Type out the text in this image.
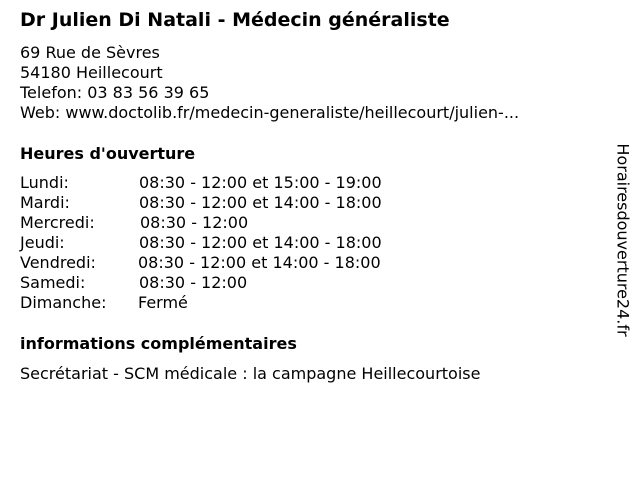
Dr Julien Di Natali - Médecin généraliste
69 Rue de Sèvres
54180 Heillecourt
Telefon: 03 83 56 39 65
Web: www.doctolib.fr/medecin-generaliste/heillecourt/julien-...
Heures d'ouverture
Lundi:	08:30 - 12:00 et 15:00 - 19:00
Mardi:	08:30 - 12:00 et 14:00 - 18:00
Mercredi:	08:30 - 12:00
Jeudi:	08:30 - 12:00 et 14:00 - 18:00
Vendredi:	08:30 - 12:00 et 14:00 - 18:00
Samedi:	08:30 - 12:00
Dimanche: Fermé
informations complémentaires
Secrétariat - SCM médicale : la campagne Heillecourtoise
Horairesdouverture24.fr
